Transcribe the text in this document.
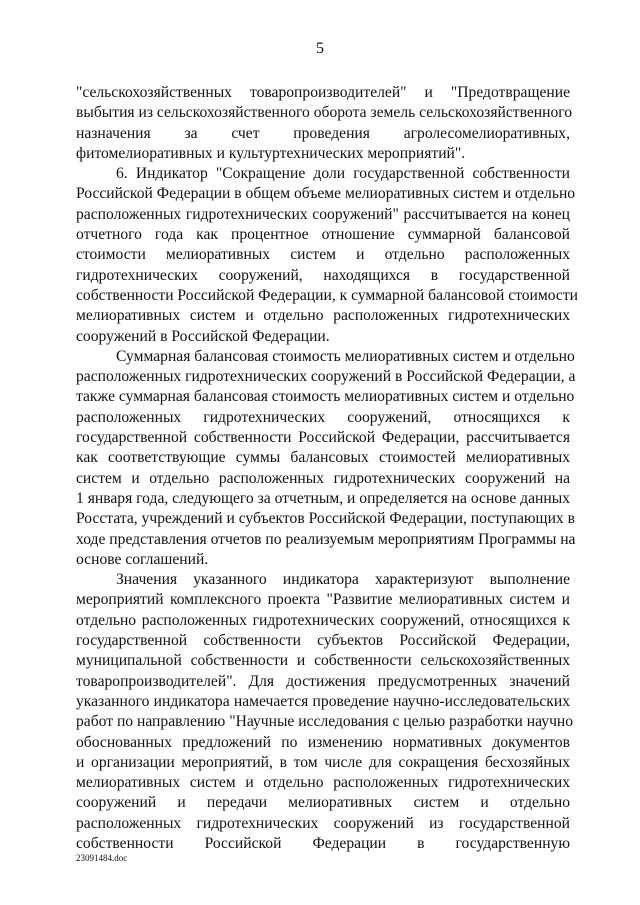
5
"сельскохозяйственных товаропроизводителей" и "Предотвращение
выбытия из сельскохозяйственного оборота земель сельскохозяйственного
назначения за счет проведения агролесомелиоративных,
фитомелиоративных и культуртехнических мероприятий".
6. Индикатор "Сокращение доли государственной собственности
Российской Федерации в общем объеме мелиоративных систем и отдельно
расположенных гидротехнических сооружений" рассчитывается на конец
отчетного года как процентное отношение суммарной балансовой
стоимости мелиоративных систем и отдельно расположенных
гидротехнических сооружений, находящихся в государственной
собственности Российской Федерации, к суммарной балансовой стоимости
мелиоративных систем и отдельно расположенных гидротехнических
сооружений в Российской Федерации.
Суммарная балансовая стоимость мелиоративных систем и отдельно
расположенных гидротехнических сооружений в Российской Федерации, а
также суммарная балансовая стоимость мелиоративных систем и отдельно
расположенных гидротехнических сооружений, относящихся к
государственной собственности Российской Федерации, рассчитывается
как соответствующие суммы балансовых стоимостей мелиоративных
систем и отдельно расположенных гидротехнических сооружений на
1 января года, следующего за отчетным, и определяется на основе данных
Росстата, учреждений и субъектов Российской Федерации, поступающих в
ходе представления отчетов по реализуемым мероприятиям Программы на
основе соглашений.
Значения указанного индикатора характеризуют выполнение
мероприятий комплексного проекта "Развитие мелиоративных систем и
отдельно расположенных гидротехнических сооружений, относящихся к
государственной собственности субъектов Российской Федерации,
муниципальной собственности и собственности сельскохозяйственных
товаропроизводителей". Для достижения предусмотренных значений
указанного индикатора намечается проведение научно-исследовательских
работ по направлению "Научные исследования с целью разработки научно
обоснованных предложений по изменению нормативных документов
и организации мероприятий, в том числе для сокращения бесхозяйных
мелиоративных систем и отдельно расположенных гидротехнических
сооружений и передачи мелиоративных систем и отдельно
расположенных гидротехнических сооружений из государственной
собственности Российской Федерации в государственную
23091484.doc
